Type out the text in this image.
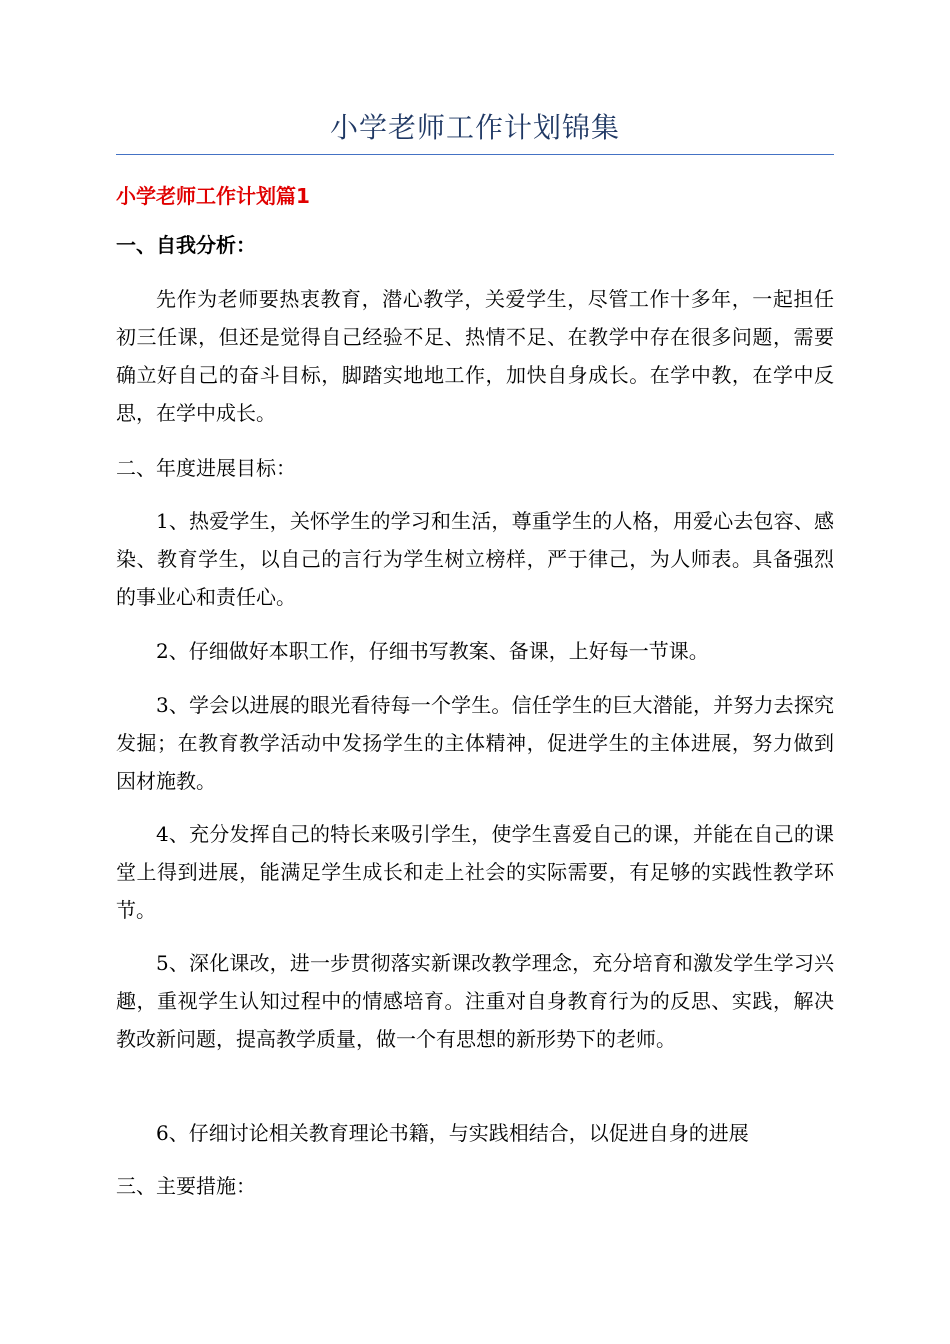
小学老师工作计划锦集
小学老师工作计划篇1
一、自我分析：

先作为老师要热衷教育，潜心教学，关爱学生，尽管工作十多年，一起担任初三任课，但还是觉得自己经验不足、热情不足、在教学中存在很多问题，需要确立好自己的奋斗目标，脚踏实地地工作，加快自身成长。在学中教，在学中反思，在学中成长。

二、年度进展目标：

1、热爱学生，关怀学生的学习和生活，尊重学生的人格，用爱心去包容、感染、教育学生，以自己的言行为学生树立榜样，严于律己，为人师表。具备强烈的事业心和责任心。

2、仔细做好本职工作，仔细书写教案、备课，上好每一节课。

3、学会以进展的眼光看待每一个学生。信任学生的巨大潜能，并努力去探究发掘；在教育教学活动中发扬学生的主体精神，促进学生的主体进展，努力做到因材施教。

4、充分发挥自己的特长来吸引学生，使学生喜爱自己的课，并能在自己的课堂上得到进展，能满足学生成长和走上社会的实际需要，有足够的实践性教学环节。

5、深化课改，进一步贯彻落实新课改教学理念，充分培育和激发学生学习兴趣，重视学生认知过程中的情感培育。注重对自身教育行为的反思、实践，解决教改新问题，提高教学质量，做一个有思想的新形势下的老师。

6、仔细讨论相关教育理论书籍，与实践相结合，以促进自身的进展

三、主要措施：
